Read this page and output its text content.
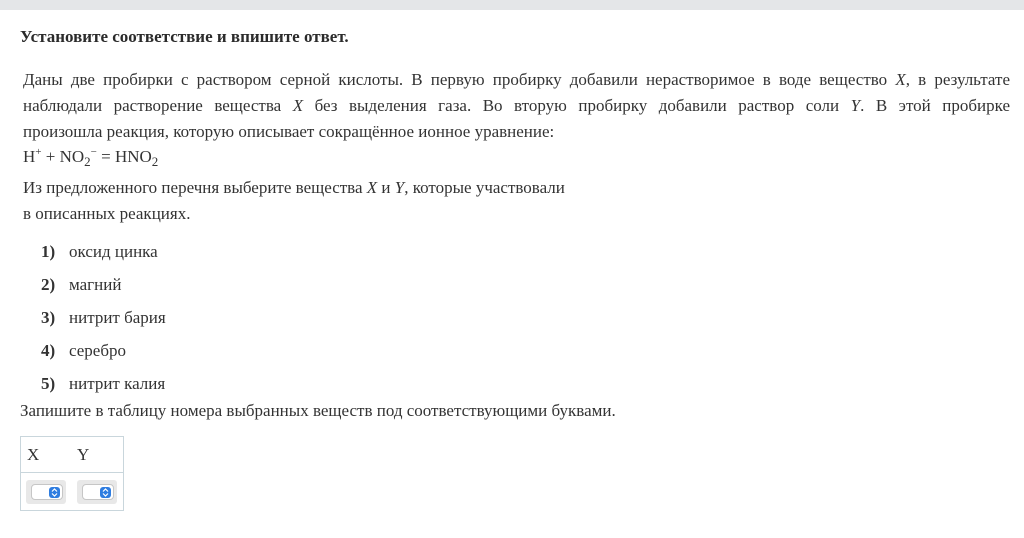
Установите соответствие и впишите ответ.
Даны две пробирки с раствором серной кислоты. В первую пробирку добавили нерастворимое в воде вещество X, в результате
наблюдали растворение вещества X без выделения газа. Во вторую пробирку добавили раствор соли Y. В этой пробирке
произошла реакция, которую описывает сокращённое ионное уравнение:
$H^+ + NO_2^- = HNO_2$
Из предложенного перечня выберите вещества X и Y, которые участвовали
в описанных реакциях.
1) оксид цинка
2) магний
3) нитрит бария
4) серебро
5) нитрит калия
Запишите в таблицу номера выбранных веществ под соответствующими буквами.
X Y
